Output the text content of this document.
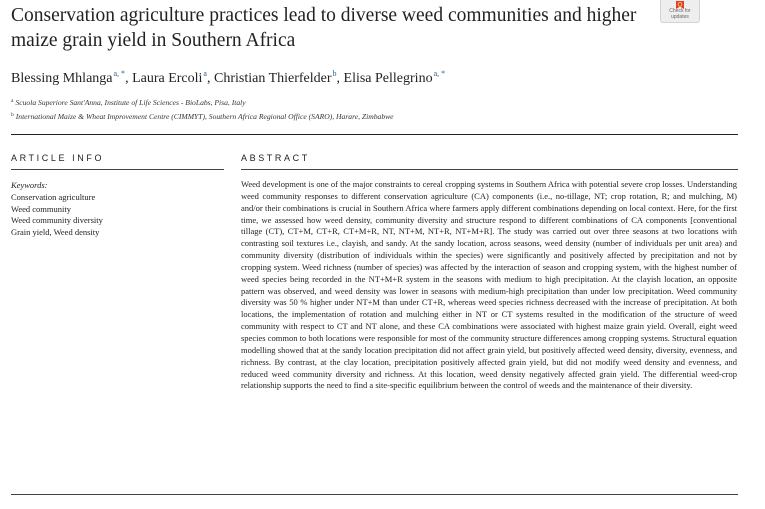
Conservation agriculture practices lead to diverse weed communities and higher maize grain yield in Southern Africa
Check for
updates
Blessing Mhlanga$^{a, *}$, Laura Ercoli$^a$, Christian Thierfelder$^b$, Elisa Pellegrino$^{a, *}$
$^a$ Scuola Superiore Sant'Anna, Institute of Life Sciences - BioLabs, Pisa, Italy
$^b$ International Maize & Wheat Improvement Centre (CIMMYT), Southern Africa Regional Office (SARO), Harare, Zimbabwe
ARTICLE INFO	ABSTRACT
Keywords:
Conservation agriculture
Weed community
Weed community diversity
Grain yield, Weed density
Weed development is one of the major constraints to cereal cropping systems in Southern Africa with potential severe crop losses. Understanding weed community responses to different conservation agriculture (CA) components (i.e., no-tillage, NT; crop rotation, R; and mulching, M) and/or their combinations is crucial in Southern Africa where farmers apply different combinations depending on local context. Here, for the first time, we assessed how weed density, community diversity and structure respond to different combinations of CA components [conventional tillage (CT), CT+M, CT+R, CT+M+R, NT, NT+M, NT+R, NT+M+R]. The study was carried out over three seasons at two locations with contrasting soil textures i.e., clayish, and sandy. At the sandy location, across seasons, weed density (number of individuals per unit area) and community diversity (distribution of individuals within the species) were significantly and positively affected by precipitation and not by cropping system. Weed richness (number of species) was affected by the interaction of season and cropping system, with the highest number of weed species being recorded in the NT+M+R system in the seasons with medium to high precipitation. At the clayish location, an opposite pattern was observed, and weed density was lower in seasons with medium-high precipitation than under low precipitation. Weed community diversity was 50 % higher under NT+M than under CT+R, whereas weed species richness decreased with the increase of precipitation. At both locations, the implementation of rotation and mulching either in NT or CT systems resulted in the modification of the structure of weed community with respect to CT and NT alone, and these CA combinations were associated with highest maize grain yield. Overall, eight weed species common to both locations were responsible for most of the community structure differences among cropping systems. Structural equation modelling showed that at the sandy location precipitation did not affect grain yield, but positively affected weed density, diversity, evenness, and richness. By contrast, at the clay location, precipitation positively affected grain yield, but did not modify weed density and evenness, and reduced weed community diversity and richness. At this location, weed density negatively affected grain yield. The differential weed-crop relationship supports the need to find a site-specific equilibrium between the control of weeds and the maintenance of their diversity.
